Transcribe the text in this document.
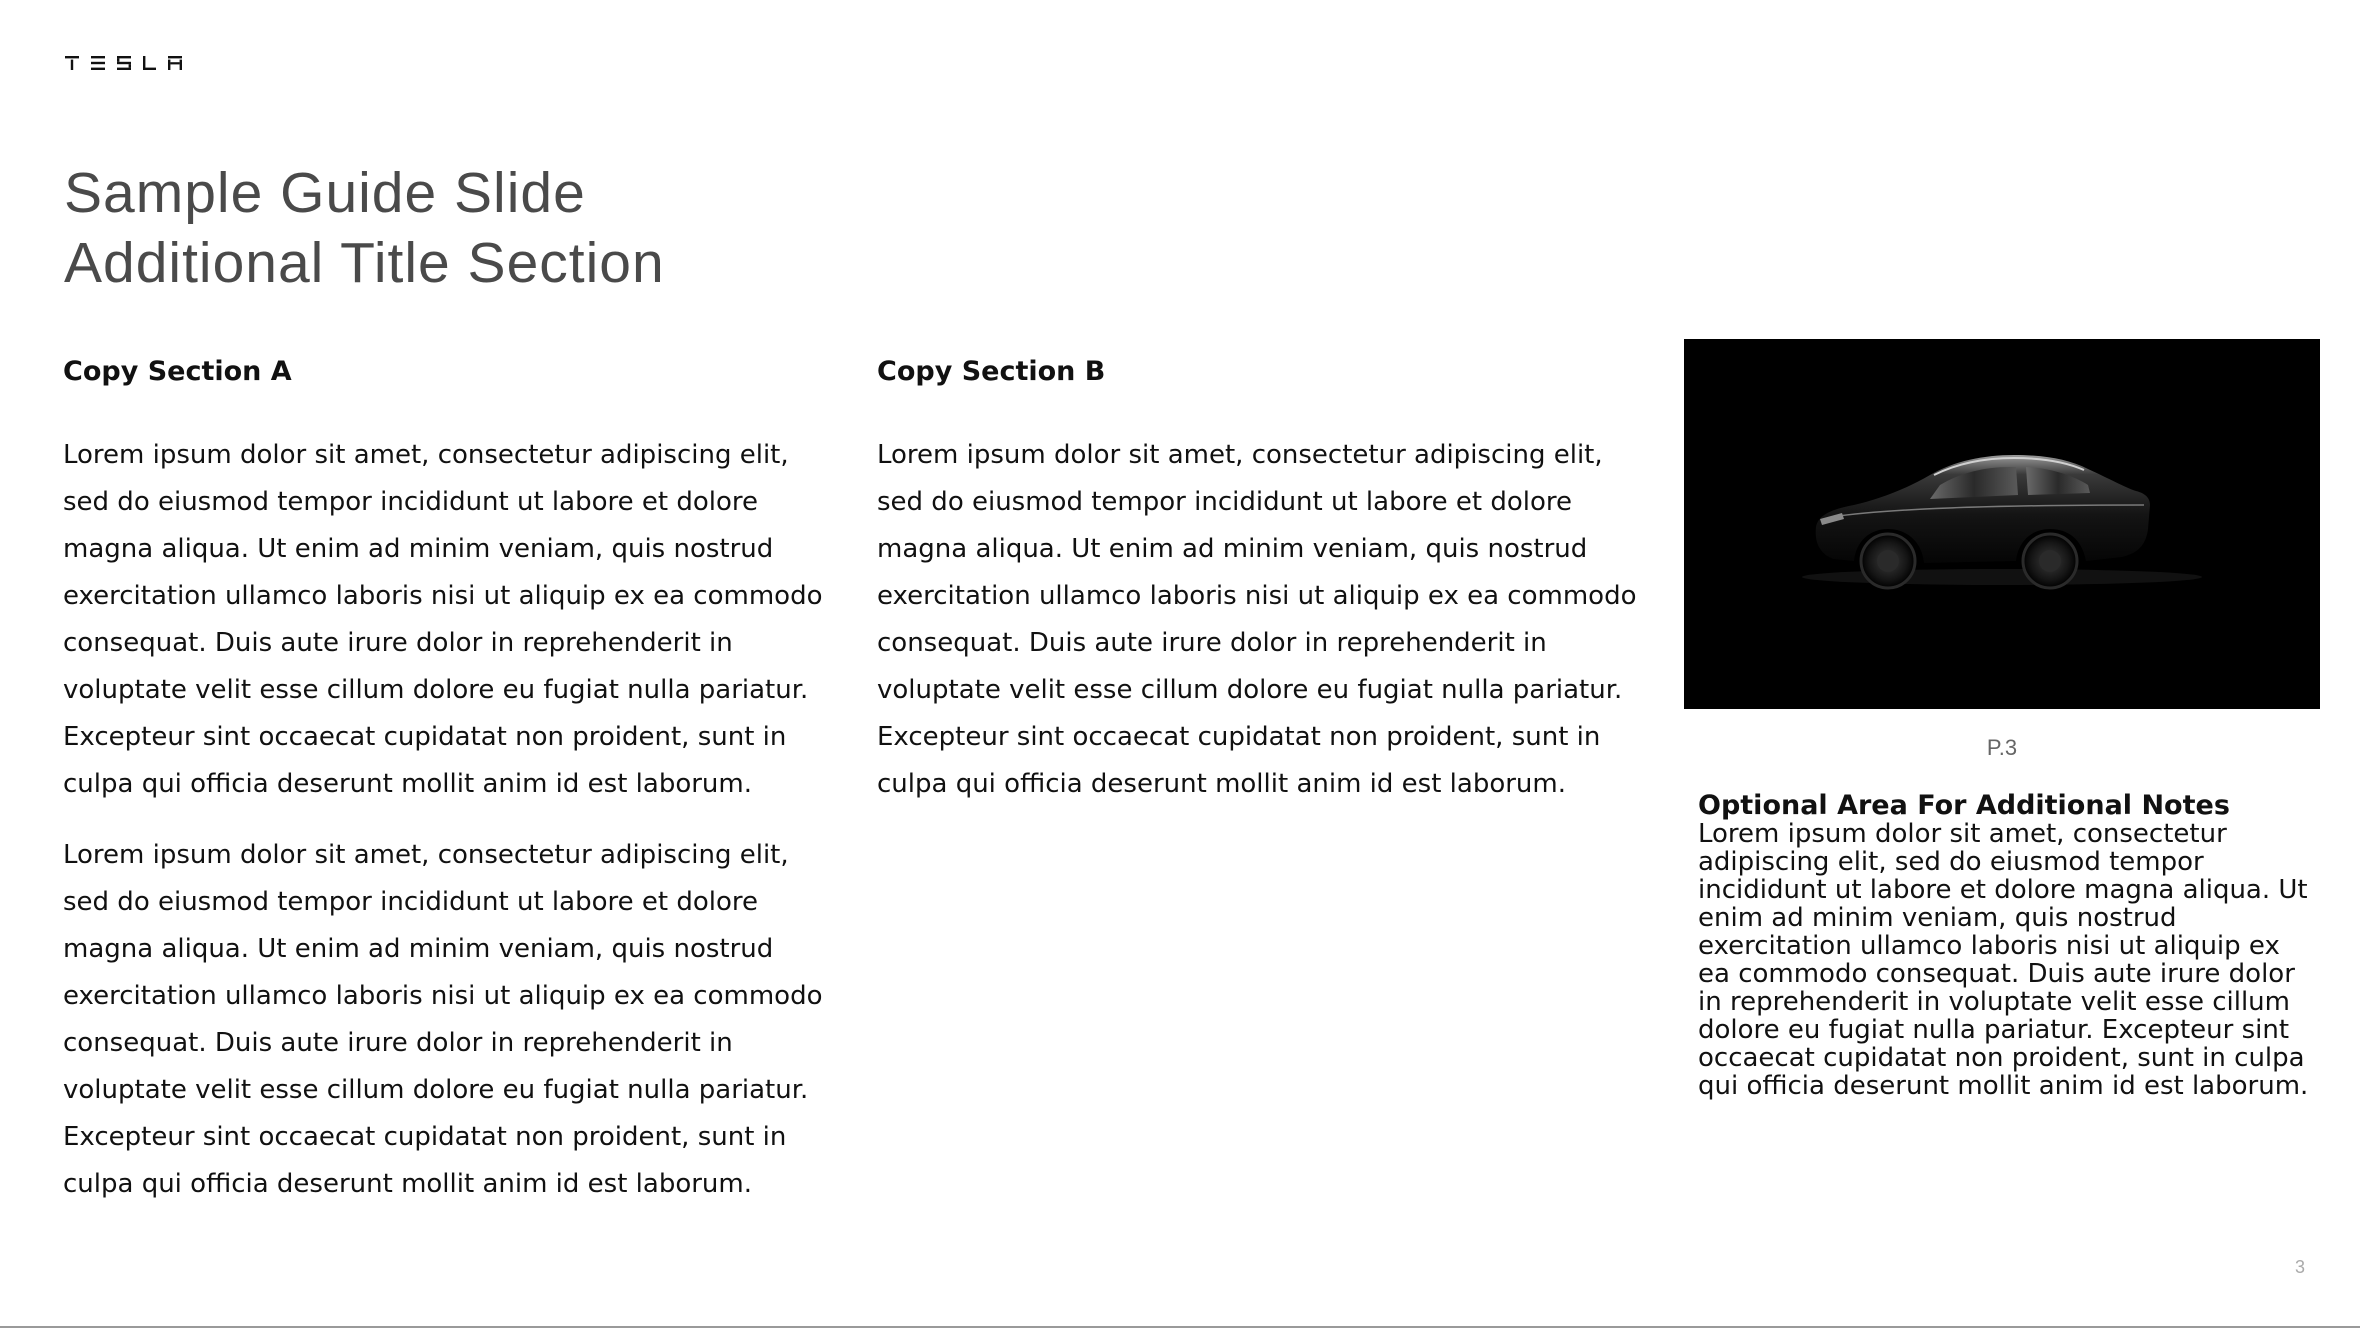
Sample Guide Slide
Additional Title Section
Copy Section A

Lorem ipsum dolor sit amet, consectetur adipiscing elit, sed do eiusmod tempor incididunt ut labore et dolore magna aliqua. Ut enim ad minim veniam, quis nostrud exercitation ullamco laboris nisi ut aliquip ex ea commodo consequat. Duis aute irure dolor in reprehenderit in voluptate velit esse cillum dolore eu fugiat nulla pariatur. Excepteur sint occaecat cupidatat non proident, sunt in culpa qui officia deserunt mollit anim id est laborum.

Lorem ipsum dolor sit amet, consectetur adipiscing elit, sed do eiusmod tempor incididunt ut labore et dolore magna aliqua. Ut enim ad minim veniam, quis nostrud exercitation ullamco laboris nisi ut aliquip ex ea commodo consequat. Duis aute irure dolor in reprehenderit in voluptate velit esse cillum dolore eu fugiat nulla pariatur. Excepteur sint occaecat cupidatat non proident, sunt in culpa qui officia deserunt mollit anim id est laborum.

Copy Section B

Lorem ipsum dolor sit amet, consectetur adipiscing elit, sed do eiusmod tempor incididunt ut labore et dolore magna aliqua. Ut enim ad minim veniam, quis nostrud exercitation ullamco laboris nisi ut aliquip ex ea commodo consequat. Duis aute irure dolor in reprehenderit in voluptate velit esse cillum dolore eu fugiat nulla pariatur. Excepteur sint occaecat cupidatat non proident, sunt in culpa qui officia deserunt mollit anim id est laborum.

P.3
Optional Area For Additional Notes

Lorem ipsum dolor sit amet, consectetur adipiscing elit, sed do eiusmod tempor incididunt ut labore et dolore magna aliqua. Ut enim ad minim veniam, quis nostrud exercitation ullamco laboris nisi ut aliquip ex ea commodo consequat. Duis aute irure dolor in reprehenderit in voluptate velit esse cillum dolore eu fugiat nulla pariatur. Excepteur sint occaecat cupidatat non proident, sunt in culpa qui officia deserunt mollit anim id est laborum.

3
